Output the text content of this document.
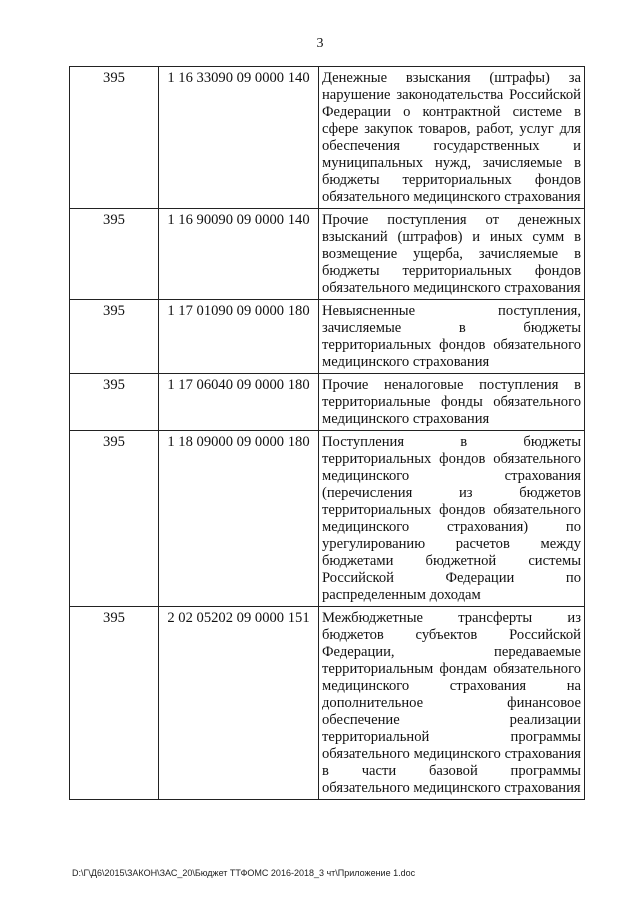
3
395	1 16 33090 09 0000 140	Денежные взыскания (штрафы) за нарушение законодательства Российской Федерации о контрактной системе в сфере закупок товаров, работ, услуг для обеспечения государственных и муниципальных нужд, зачисляемые в бюджеты территориальных фондов обязательного медицинского страхования
395	1 16 90090 09 0000 140	Прочие поступления от денежных взысканий (штрафов) и иных сумм в возмещение ущерба, зачисляемые в бюджеты территориальных фондов обязательного медицинского страхования
395	1 17 01090 09 0000 180	Невыясненные поступления, зачисляемые в бюджеты территориальных фондов обязательного медицинского страхования
395	1 17 06040 09 0000 180	Прочие неналоговые поступления в территориальные фонды обязательного медицинского страхования
395	1 18 09000 09 0000 180	Поступления в бюджеты территориальных фондов обязательного медицинского страхования (перечисления из бюджетов территориальных фондов обязательного медицинского страхования) по урегулированию расчетов между бюджетами бюджетной системы Российской Федерации по распределенным доходам
395	2 02 05202 09 0000 151	Межбюджетные трансферты из бюджетов субъектов Российской Федерации, передаваемые территориальным фондам обязательного медицинского страхования на дополнительное финансовое обеспечение реализации территориальной программы обязательного медицинского страхования в части базовой программы обязательного медицинского страхования
D:\Г\Д6\2015\ЗАКОН\ЗАС_20\Бюджет ТТФОМС 2016-2018_3 чт\Приложение 1.doc
